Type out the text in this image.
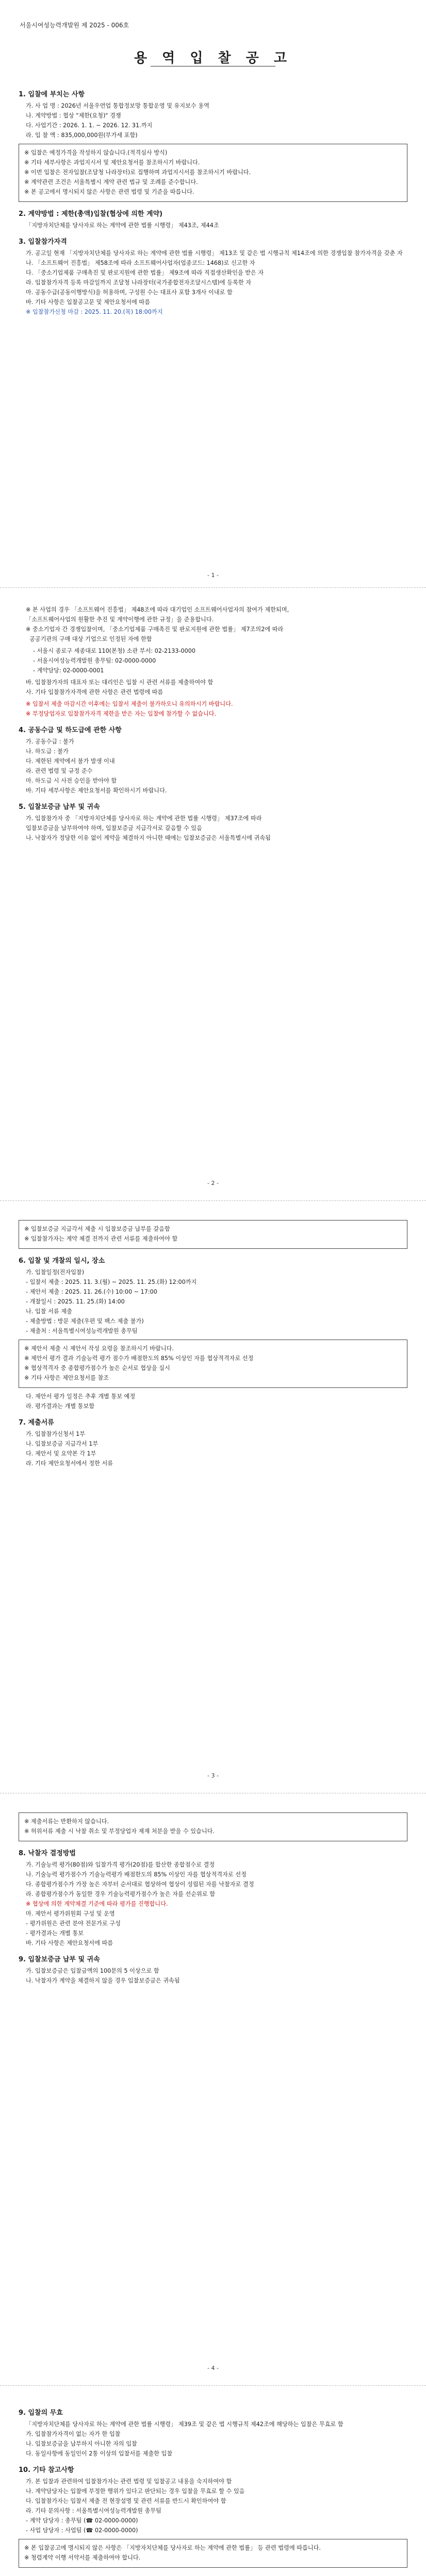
서울시여성능력개발원 제 2025 - 006호
용 역 입 찰 공 고
1. 입찰에 부치는 사항
가. 사 업 명 : 2026년 서울우먼업 통합정보망 통합운영 및 유지보수 용역
나. 계약방법 : 협상 "제한(요청)" 경쟁
다. 사업기간 : 2026. 1. 1. ~ 2026. 12. 31.까지
라. 입 찰 액 : 835,000,000원(부가세 포함)
※ 입찰은 예정가격을 작성하지 않습니다.(적격심사 방식)
※ 기타 세부사항은 과업지시서 및 제안요청서를 참조하시기 바랍니다.
※ 이번 입찰은 전자입찰(조달청 나라장터)로 집행하며 과업지시서를 참조하시기 바랍니다.
※ 계약관련 조건은 서울특별시 계약 관련 법규 및 조례를 준수합니다.
※ 본 공고에서 명시되지 않은 사항은 관련 법령 및 기준을 따릅니다.
2. 계약방법 : 제한(총액)입찰(협상에 의한 계약)
「지방자치단체를 당사자로 하는 계약에 관한 법률 시행령」 제43조, 제44조
3. 입찰참가자격
가. 공고일 현재 「지방자치단체를 당사자로 하는 계약에 관한 법률 시행령」 제13조 및 같은 법 시행규칙 제14조에 의한 경쟁입찰 참가자격을 갖춘 자
나. 「소프트웨어 진흥법」 제58조에 따라 소프트웨어사업자(업종코드: 1468)로 신고한 자
다. 「중소기업제품 구매촉진 및 판로지원에 관한 법률」 제9조에 따라 직접생산확인을 받은 자
라. 입찰참가자격 등록 마감일까지 조달청 나라장터(국가종합전자조달시스템)에 등록한 자
마. 공동수급(공동이행방식)을 허용하며, 구성원 수는 대표사 포함 3개사 이내로 함
바. 기타 사항은 입찰공고문 및 제안요청서에 따름
※ 입찰참가신청 마감 : 2025. 11. 20.(목) 18:00까지
- 1 -
※ 본 사업의 경우 「소프트웨어 진흥법」 제48조에 따라 대기업인 소프트웨어사업자의 참여가 제한되며,
「소프트웨어사업의 원활한 추진 및 계약이행에 관한 규정」을 준용합니다.
※ 중소기업자 간 경쟁입찰이며, 「중소기업제품 구매촉진 및 판로지원에 관한 법률」 제7조의2에 따라
공공기관의 구매 대상 기업으로 인정된 자에 한함
- 서울시 종로구 세종대로 110(본청) 소관 부서: 02-2133-0000
- 서울시여성능력개발원 총무팀: 02-0000-0000
- 계약담당: 02-0000-0001
바. 입찰참가자의 대표자 또는 대리인은 입찰 시 관련 서류를 제출하여야 함
사. 기타 입찰참가자격에 관한 사항은 관련 법령에 따름
※ 입찰서 제출 마감시간 이후에는 입찰서 제출이 불가하오니 유의하시기 바랍니다.
※ 부정당업자로 입찰참가자격 제한을 받은 자는 입찰에 참가할 수 없습니다.
4. 공동수급 및 하도급에 관한 사항
가. 공동수급 : 불가
나. 하도급 : 불가
다. 제한된 계약에서 불가 발생 이내
라. 관련 법령 및 규정 준수
마. 하도급 시 사전 승인을 받아야 함
바. 기타 세부사항은 제안요청서를 확인하시기 바랍니다.
5. 입찰보증금 납부 및 귀속
가. 입찰참가자 중 「지방자치단체를 당사자로 하는 계약에 관한 법률 시행령」 제37조에 따라
입찰보증금을 납부하여야 하며, 입찰보증금 지급각서로 갈음할 수 있음
나. 낙찰자가 정당한 이유 없이 계약을 체결하지 아니한 때에는 입찰보증금은 서울특별시에 귀속됨
- 2 -
※ 입찰보증금 지급각서 제출 시 입찰보증금 납부를 갈음함
※ 입찰참가자는 계약 체결 전까지 관련 서류를 제출하여야 함
6. 입찰 및 개찰의 일시, 장소
가. 입찰일정(전자입찰)
- 입찰서 제출 : 2025. 11. 3.(월) ~ 2025. 11. 25.(화) 12:00까지
- 제안서 제출 : 2025. 11. 26.(수) 10:00 ~ 17:00
- 개찰일시 : 2025. 11. 25.(화) 14:00
나. 입찰 서류 제출
- 제출방법 : 방문 제출(우편 및 팩스 제출 불가)
- 제출처 : 서울특별시여성능력개발원 총무팀
※ 제안서 제출 시 제안서 작성 요령을 참조하시기 바랍니다.
※ 제안서 평가 결과 기술능력 평가 점수가 배점한도의 85% 이상인 자를 협상적격자로 선정
※ 협상적격자 중 종합평가점수가 높은 순서로 협상을 실시
※ 기타 사항은 제안요청서를 참조
다. 제안서 평가 일정은 추후 개별 통보 예정
라. 평가결과는 개별 통보함
7. 제출서류
가. 입찰참가신청서 1부
나. 입찰보증금 지급각서 1부
다. 제안서 및 요약본 각 1부
라. 기타 제안요청서에서 정한 서류
- 3 -
※ 제출서류는 반환하지 않습니다.
※ 허위서류 제출 시 낙찰 취소 및 부정당업자 제재 처분을 받을 수 있습니다.
8. 낙찰자 결정방법
가. 기술능력 평가(80점)와 입찰가격 평가(20점)를 합산한 종합점수로 결정
나. 기술능력 평가점수가 기술능력평가 배점한도의 85% 이상인 자를 협상적격자로 선정
다. 종합평가점수가 가장 높은 자부터 순서대로 협상하여 협상이 성립된 자를 낙찰자로 결정
라. 종합평가점수가 동일한 경우 기술능력평가점수가 높은 자를 선순위로 함
※ 협상에 의한 계약체결 기준에 따라 평가를 진행합니다.
마. 제안서 평가위원회 구성 및 운영
- 평가위원은 관련 분야 전문가로 구성
- 평가결과는 개별 통보
바. 기타 사항은 제안요청서에 따름
9. 입찰보증금 납부 및 귀속
가. 입찰보증금은 입찰금액의 100분의 5 이상으로 함
나. 낙찰자가 계약을 체결하지 않을 경우 입찰보증금은 귀속됨
- 4 -
9. 입찰의 무효
「지방자치단체를 당사자로 하는 계약에 관한 법률 시행령」 제39조 및 같은 법 시행규칙 제42조에 해당하는 입찰은 무효로 함
가. 입찰참가자격이 없는 자가 한 입찰
나. 입찰보증금을 납부하지 아니한 자의 입찰
다. 동일사항에 동일인이 2통 이상의 입찰서를 제출한 입찰
10. 기타 참고사항
가. 본 입찰과 관련하여 입찰참가자는 관련 법령 및 입찰공고 내용을 숙지하여야 함
나. 계약담당자는 입찰에 부정한 행위가 있다고 판단되는 경우 입찰을 무효로 할 수 있음
다. 입찰참가자는 입찰서 제출 전 현장설명 및 관련 서류를 반드시 확인하여야 함
라. 기타 문의사항 : 서울특별시여성능력개발원 총무팀
- 계약 담당자 : 총무팀 (☎ 02-0000-0000)
- 사업 담당자 : 사업팀 (☎ 02-0000-0000)
※ 본 입찰공고에 명시되지 않은 사항은 「지방자치단체를 당사자로 하는 계약에 관한 법률」 등 관련 법령에 따릅니다.
※ 청렴계약 이행 서약서를 제출하여야 합니다.
